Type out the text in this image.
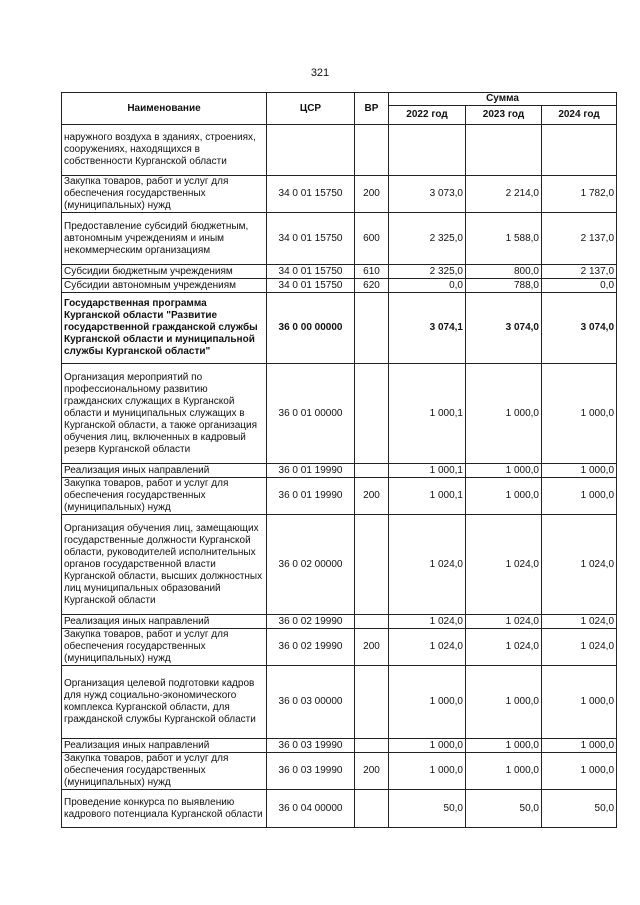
321
Наименование	ЦСР	ВР	Сумма		
			2022 год	2023 год	2024 год
наружного воздуха в зданиях, строениях, сооружениях, находящихся в собственности Курганской области					
Закупка товаров, работ и услуг для обеспечения государственных (муниципальных) нужд	34 0 01 15750	200	3 073,0	2 214,0	1 782,0
Предоставление субсидий бюджетным, автономным учреждениям и иным некоммерческим организациям	34 0 01 15750	600	2 325,0	1 588,0	2 137,0
Субсидии бюджетным учреждениям	34 0 01 15750	610	2 325,0	800,0	2 137,0
Субсидии автономным учреждениям	34 0 01 15750	620	0,0	788,0	0,0
Государственная программа Курганской области "Развитие государственной гражданской службы Курганской области и муниципальной службы Курганской области"	36 0 00 00000		3 074,1	3 074,0	3 074,0
Организация мероприятий по профессиональному развитию гражданских служащих в Курганской области и муниципальных служащих в Курганской области, а также организация обучения лиц, включенных в кадровый резерв Курганской области	36 0 01 00000		1 000,1	1 000,0	1 000,0
Реализация иных направлений	36 0 01 19990		1 000,1	1 000,0	1 000,0
Закупка товаров, работ и услуг для обеспечения государственных (муниципальных) нужд	36 0 01 19990	200	1 000,1	1 000,0	1 000,0
Организация обучения лиц, замещающих государственные должности Курганской области, руководителей исполнительных органов государственной власти Курганской области, высших должностных лиц муниципальных образований Курганской области	36 0 02 00000		1 024,0	1 024,0	1 024,0
Реализация иных направлений	36 0 02 19990		1 024,0	1 024,0	1 024,0
Закупка товаров, работ и услуг для обеспечения государственных (муниципальных) нужд	36 0 02 19990	200	1 024,0	1 024,0	1 024,0
Организация целевой подготовки кадров для нужд социально-экономического комплекса Курганской области, для гражданской службы Курганской области	36 0 03 00000		1 000,0	1 000,0	1 000,0
Реализация иных направлений	36 0 03 19990		1 000,0	1 000,0	1 000,0
Закупка товаров, работ и услуг для обеспечения государственных (муниципальных) нужд	36 0 03 19990	200	1 000,0	1 000,0	1 000,0
Проведение конкурса по выявлению кадрового потенциала Курганской области	36 0 04 00000		50,0	50,0	50,0
